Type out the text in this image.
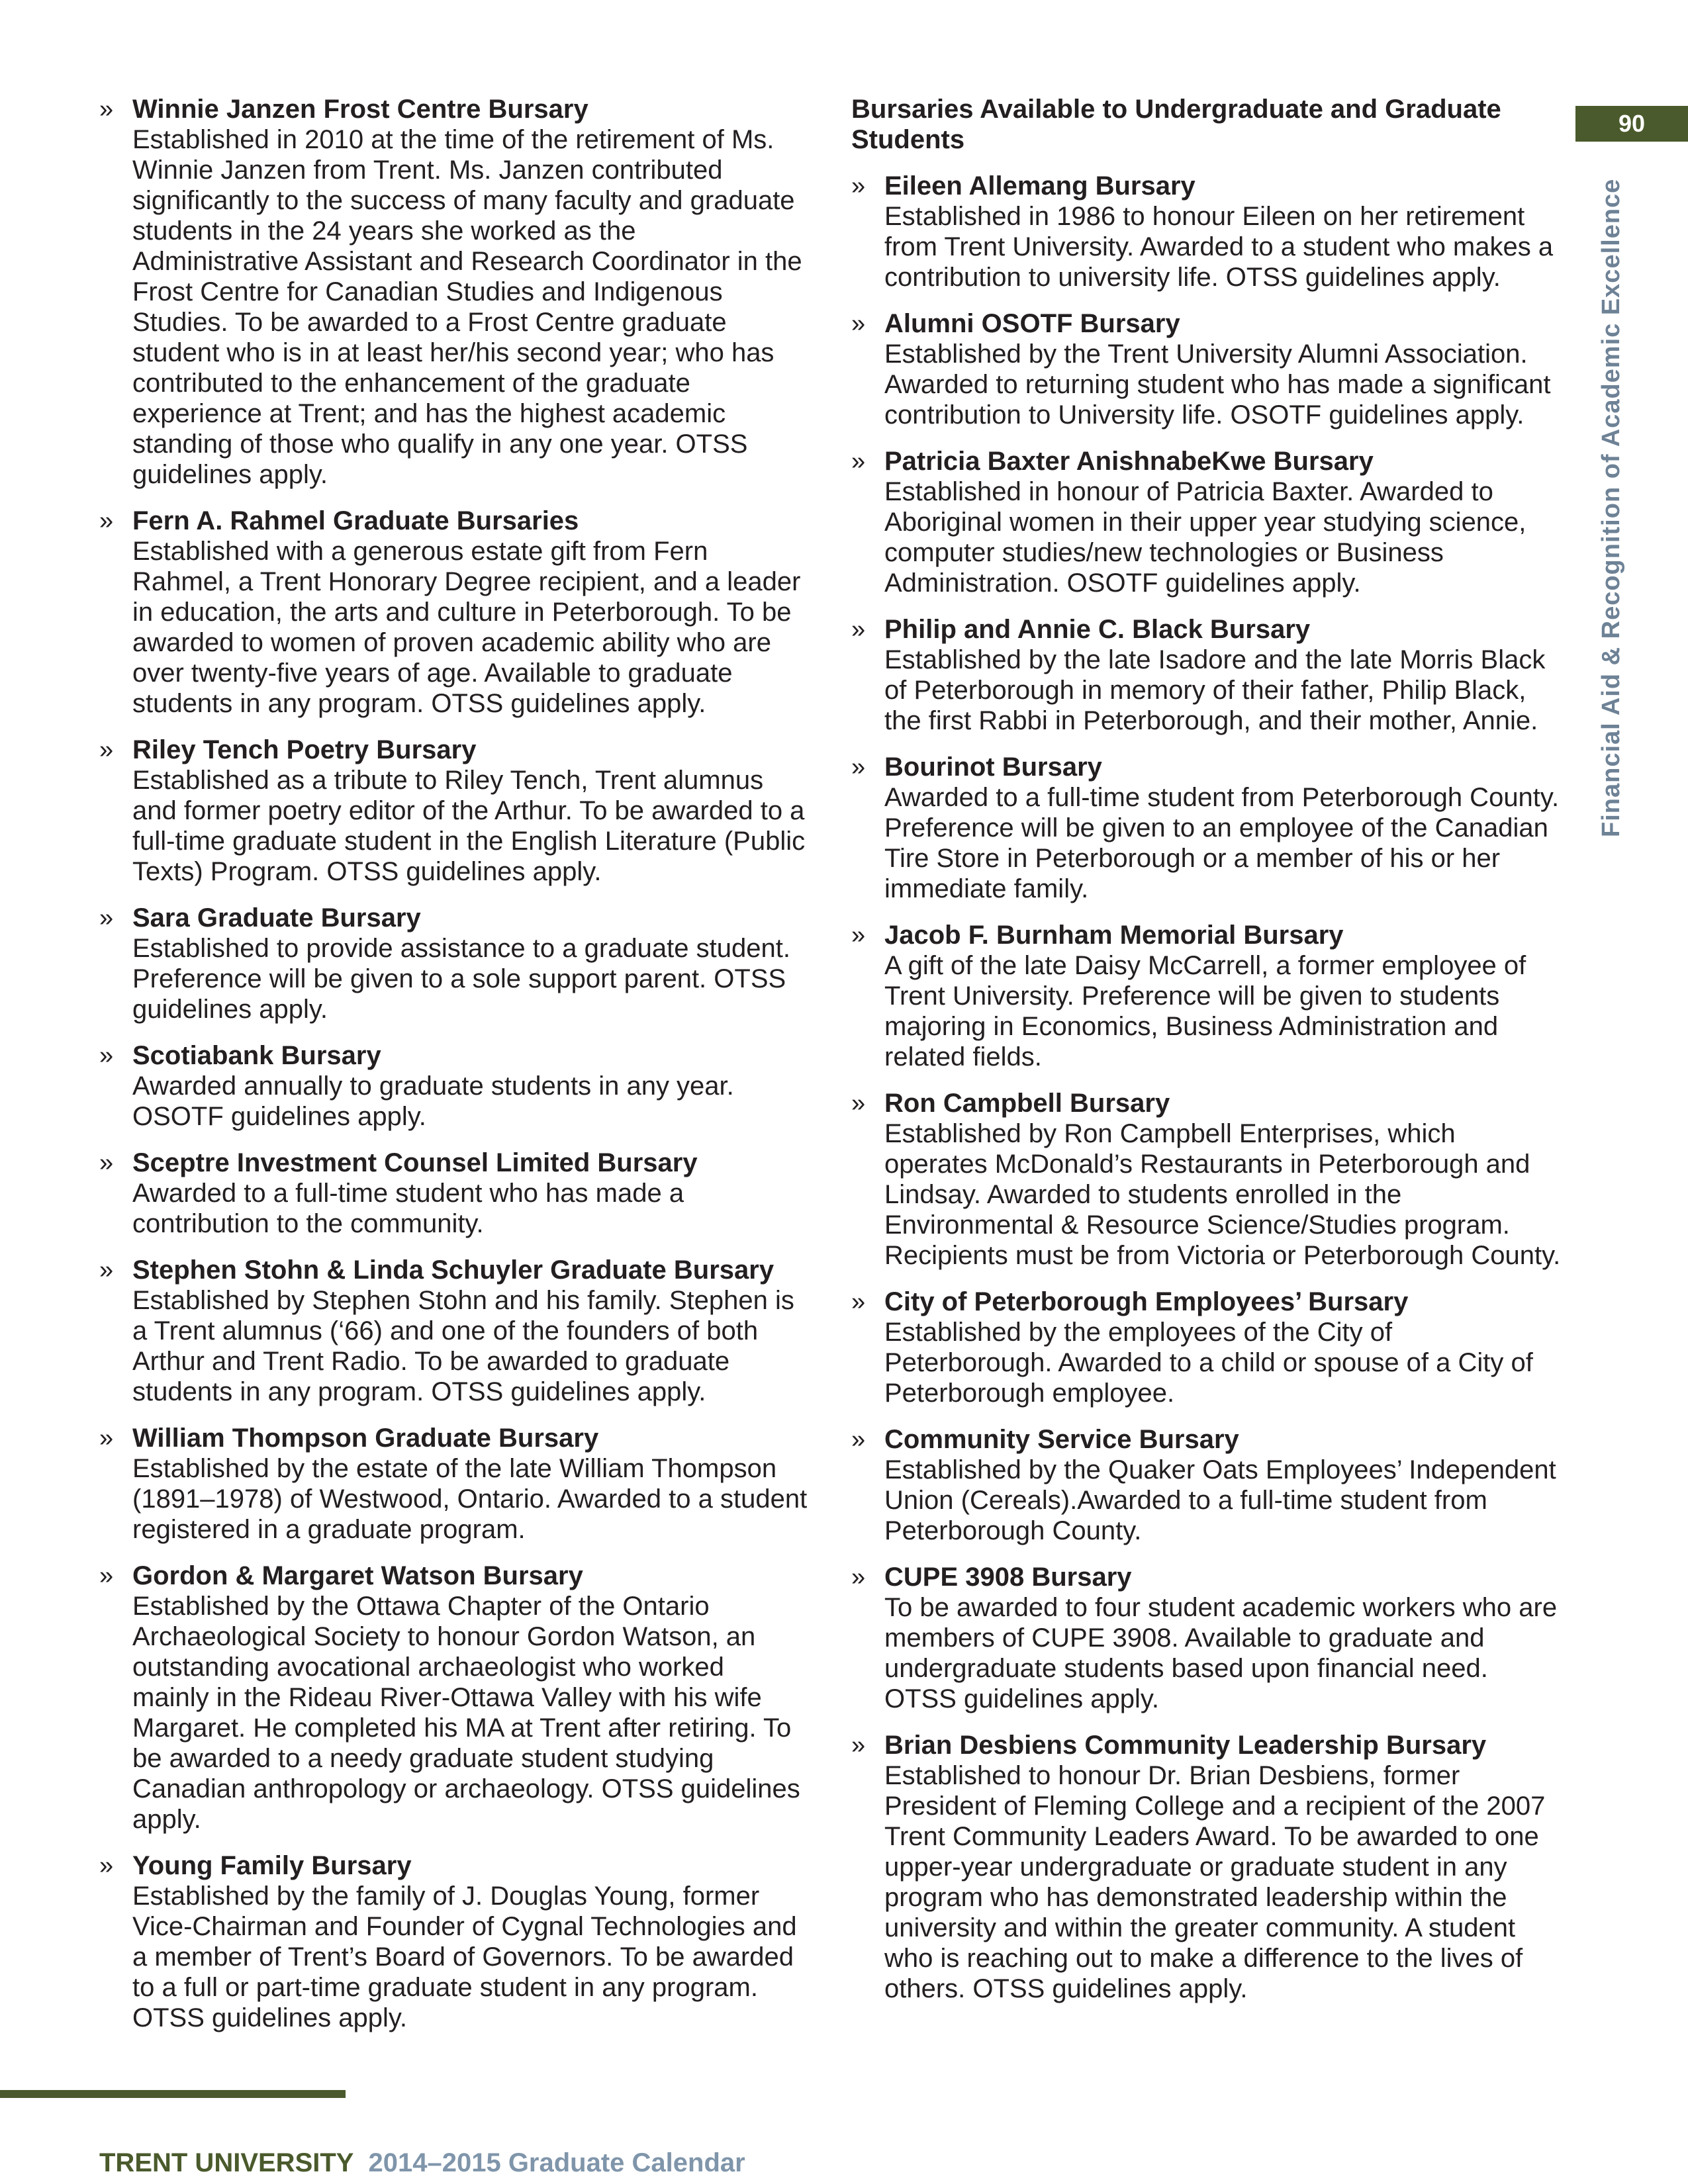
» Winnie Janzen Frost Centre Bursary
Established in 2010 at the time of the retirement of Ms. Winnie Janzen from Trent. Ms. Janzen contributed significantly to the success of many faculty and graduate students in the 24 years she worked as the Administrative Assistant and Research Coordinator in the Frost Centre for Canadian Studies and Indigenous Studies. To be awarded to a Frost Centre graduate student who is in at least her/his second year; who has contributed to the enhancement of the graduate experience at Trent; and has the highest academic standing of those who qualify in any one year. OTSS guidelines apply.
» Fern A. Rahmel Graduate Bursaries
Established with a generous estate gift from Fern Rahmel, a Trent Honorary Degree recipient, and a leader in education, the arts and culture in Peterborough. To be awarded to women of proven academic ability who are over twenty-five years of age. Available to graduate students in any program. OTSS guidelines apply.
» Riley Tench Poetry Bursary
Established as a tribute to Riley Tench, Trent alumnus and former poetry editor of the Arthur. To be awarded to a full-time graduate student in the English Literature (Public Texts) Program. OTSS guidelines apply.
» Sara Graduate Bursary
Established to provide assistance to a graduate student. Preference will be given to a sole support parent. OTSS guidelines apply.
» Scotiabank Bursary
Awarded annually to graduate students in any year. OSOTF guidelines apply.
» Sceptre Investment Counsel Limited Bursary
Awarded to a full-time student who has made a contribution to the community.
» Stephen Stohn & Linda Schuyler Graduate Bursary
Established by Stephen Stohn and his family. Stephen is a Trent alumnus (‘66) and one of the founders of both Arthur and Trent Radio. To be awarded to graduate students in any program. OTSS guidelines apply.
» William Thompson Graduate Bursary
Established by the estate of the late William Thompson (1891–1978) of Westwood, Ontario. Awarded to a student registered in a graduate program.
» Gordon & Margaret Watson Bursary
Established by the Ottawa Chapter of the Ontario Archaeological Society to honour Gordon Watson, an outstanding avocational archaeologist who worked mainly in the Rideau River-Ottawa Valley with his wife Margaret. He completed his MA at Trent after retiring. To be awarded to a needy graduate student studying Canadian anthropology or archaeology. OTSS guidelines apply.
» Young Family Bursary
Established by the family of J. Douglas Young, former Vice-Chairman and Founder of Cygnal Technologies and a member of Trent’s Board of Governors. To be awarded to a full or part-time graduate student in any program. OTSS guidelines apply.
Bursaries Available to Undergraduate and Graduate Students
» Eileen Allemang Bursary
Established in 1986 to honour Eileen on her retirement from Trent University. Awarded to a student who makes a contribution to university life. OTSS guidelines apply.
» Alumni OSOTF Bursary
Established by the Trent University Alumni Association. Awarded to returning student who has made a significant contribution to University life. OSOTF guidelines apply.
» Patricia Baxter AnishnabeKwe Bursary
Established in honour of Patricia Baxter. Awarded to Aboriginal women in their upper year studying science, computer studies/new technologies or Business Administration. OSOTF guidelines apply.
» Philip and Annie C. Black Bursary
Established by the late Isadore and the late Morris Black of Peterborough in memory of their father, Philip Black, the first Rabbi in Peterborough, and their mother, Annie.
» Bourinot Bursary
Awarded to a full-time student from Peterborough County. Preference will be given to an employee of the Canadian Tire Store in Peterborough or a member of his or her immediate family.
» Jacob F. Burnham Memorial Bursary
A gift of the late Daisy McCarrell, a former employee of Trent University. Preference will be given to students majoring in Economics, Business Administration and related fields.
» Ron Campbell Bursary
Established by Ron Campbell Enterprises, which operates McDonald’s Restaurants in Peterborough and Lindsay. Awarded to students enrolled in the Environmental & Resource Science/Studies program. Recipients must be from Victoria or Peterborough County.
» City of Peterborough Employees’ Bursary
Established by the employees of the City of Peterborough. Awarded to a child or spouse of a City of Peterborough employee.
» Community Service Bursary
Established by the Quaker Oats Employees’ Independent Union (Cereals).Awarded to a full-time student from Peterborough County.
» CUPE 3908 Bursary
To be awarded to four student academic workers who are members of CUPE 3908. Available to graduate and undergraduate students based upon financial need. OTSS guidelines apply.
» Brian Desbiens Community Leadership Bursary
Established to honour Dr. Brian Desbiens, former President of Fleming College and a recipient of the 2007 Trent Community Leaders Award. To be awarded to one upper-year undergraduate or graduate student in any program who has demonstrated leadership within the university and within the greater community. A student who is reaching out to make a difference to the lives of others. OTSS guidelines apply.
90
Financial Aid & Recognition of Academic Excellence
TRENT UNIVERSITY 2014–2015 Graduate Calendar
